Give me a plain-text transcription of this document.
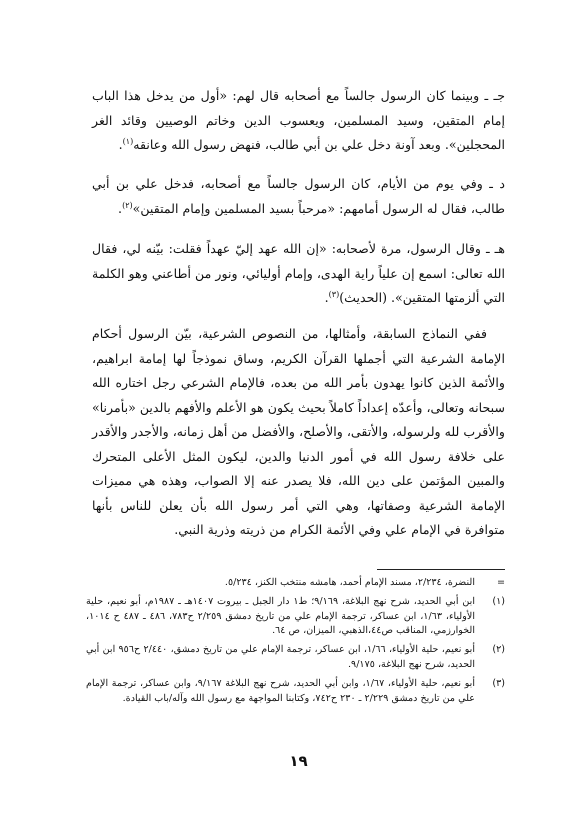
جـ ـ وبينما كان الرسول جالساً مع أصحابه قال لهم: «أول من يدخل هذا الباب إمام المتقين، وسيد المسلمين، ويعسوب الدين وخاتم الوصيين وقائد الغر المحجلين». وبعد آونة دخل علي بن أبي طالب، فنهض رسول الله وعانقه$^{(١)}$.

د ـ وفي يوم من الأيام، كان الرسول جالساً مع أصحابه، فدخل علي بن أبي طالب، فقال له الرسول أمامهم: «مرحباً بسيد المسلمين وإمام المتقين»$^{(٢)}$.

هـ ـ وقال الرسول، مرة لأصحابه: «إن الله عهد إليّ عهداً فقلت: بيّنه لي، فقال الله تعالى: اسمع إن علياً راية الهدى، وإمام أوليائي، ونور من أطاعني وهو الكلمة التي ألزمتها المتقين». (الحديث)$^{(٣)}$.

ففي النماذج السابقة، وأمثالها، من النصوص الشرعية، بيّن الرسول أحكام الإمامة الشرعية التي أجملها القرآن الكريم، وساق نموذجاً لها إمامة ابراهيم، والأئمة الذين كانوا يهدون بأمر الله من بعده، فالإمام الشرعي رجل اختاره الله سبحانه وتعالى، وأعدّه إعداداً كاملاً بحيث يكون هو الأعلم والأفهم بالدين «بأمرنا» والأقرب لله ولرسوله، والأتقى، والأصلح، والأفضل من أهل زمانه، والأجدر والأقدر على خلافة رسول الله في أمور الدنيا والدين، ليكون المثل الأعلى المتحرك والمبين المؤتمن على دين الله، فلا يصدر عنه إلا الصواب، وهذه هي مميزات الإمامة الشرعية وصفاتها، وهي التي أمر رسول الله بأن يعلن للناس بأنها متوافرة في الإمام علي وفي الأئمة الكرام من ذريته وذرية النبي.

=
النضرة، ٢/٢٣٤، مسند الإمام أحمد، هامشه منتخب الكنز، ٥/٢٣٤.
(١)
ابن أبي الحديد، شرح نهج البلاغة، ٩/١٦٩؛ ط١ دار الجبل ـ بيروت ١٤٠٧هـ ـ ١٩٨٧م، أبو نعيم، حلية الأولياء، ١/٦٣، ابن عساكر، ترجمة الإمام علي من تاريخ دمشق ٢/٢٥٩ ح٧٨٣، ٤٨٦ ـ ٤٨٧ ح ١٠١٤، الخوارزمي، المناقب ص٤٤،الذهبي، الميزان، ص ٦٤.
(٢)
أبو نعيم، حلية الأولياء، ١/٦٦، ابن عساكر، ترجمة الإمام علي من تاريخ دمشق، ٢/٤٤٠ ح٩٥٦ ابن أبي الحديد، شرح نهج البلاغة، ٩/١٧٥.
(٣)
أبو نعيم، حلية الأولياء، ١/٦٧، وابن أبي الحديد، شرح نهج البلاغة ٩/١٦٧، وابن عساكر، ترجمة الإمام علي من تاريخ دمشق ٢/٢٢٩ ـ ٢٣٠ ح٧٤٢، وكتابنا المواجهة مع رسول الله وآله/باب القيادة.
١٩
